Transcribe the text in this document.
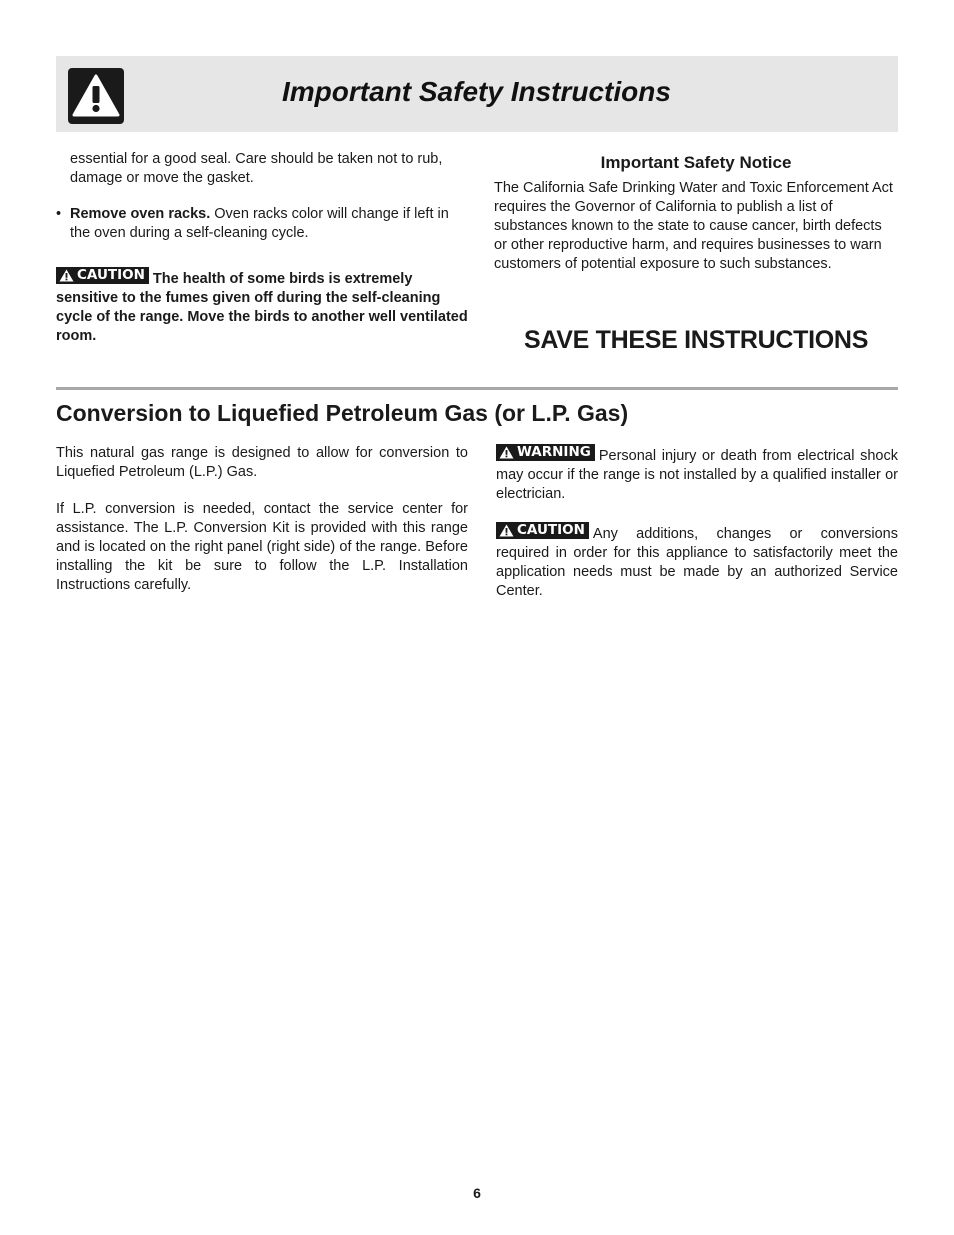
Important Safety Instructions

essential for a good seal. Care should be taken not to rub, damage or move the gasket.

• Remove oven racks. Oven racks color will change if left in the oven during a self-cleaning cycle.
CAUTION The health of some birds is extremely sensitive to the fumes given off during the self-cleaning cycle of the range. Move the birds to another well ventilated room.
Important Safety Notice

The California Safe Drinking Water and Toxic Enforcement Act requires the Governor of California to publish a list of substances known to the state to cause cancer, birth defects or other reproductive harm, and requires businesses to warn customers of potential exposure to such substances.

SAVE THESE INSTRUCTIONS
Conversion to Liquefied Petroleum Gas (or L.P. Gas)

This natural gas range is designed to allow for conversion to Liquefied Petroleum (L.P.) Gas.

If L.P. conversion is needed, contact the service center for assistance. The L.P. Conversion Kit is provided with this range and is located on the right panel (right side) of the range. Before installing the kit be sure to follow the L.P. Installation Instructions carefully.

WARNING Personal injury or death from electrical shock may occur if the range is not installed by a qualified installer or electrician.

CAUTION Any additions, changes or conversions required in order for this appliance to satisfactorily meet the application needs must be made by an authorized Service Center.

6
